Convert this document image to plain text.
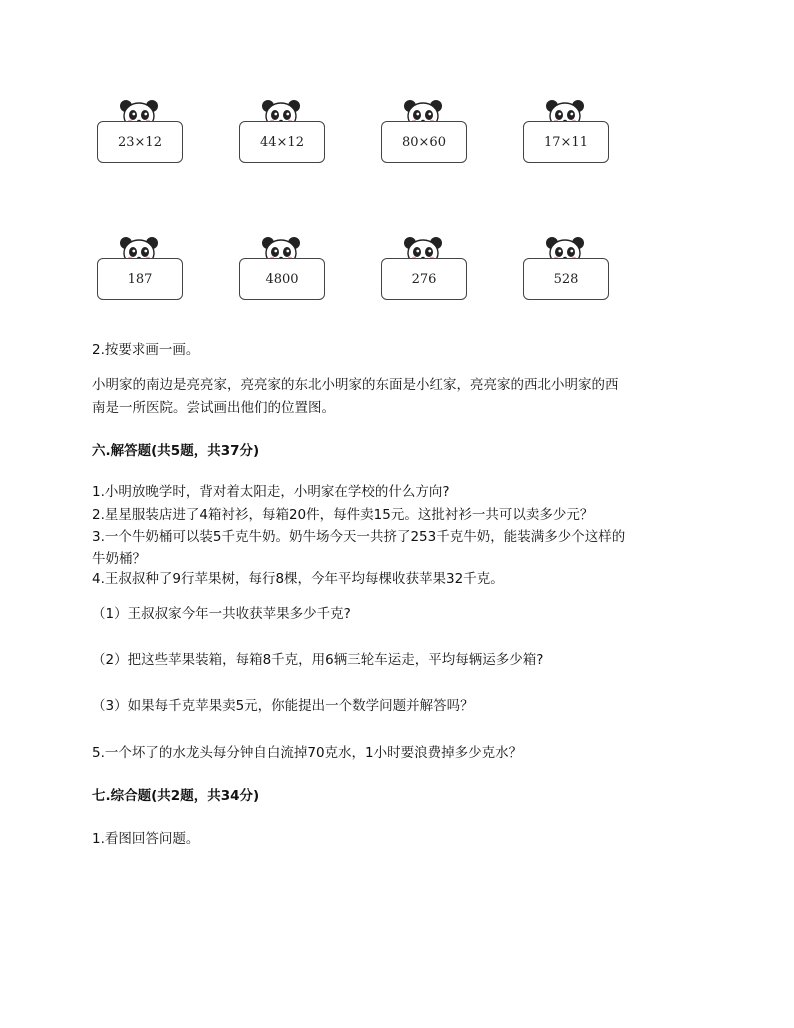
23×12	44×12	80×60	17×11
187	4800	276	528
2.按要求画一画。
小明家的南边是亮亮家，亮亮家的东北小明家的东面是小红家，亮亮家的西北小明家的西
南是一所医院。尝试画出他们的位置图。
六.解答题(共5题，共37分)
1.小明放晚学时，背对着太阳走，小明家在学校的什么方向?
2.星星服装店进了4箱衬衫，每箱20件，每件卖15元。这批衬衫一共可以卖多少元？
3.一个牛奶桶可以装5千克牛奶。奶牛场今天一共挤了253千克牛奶，能装满多少个这样的
牛奶桶？
4.王叔叔种了9行苹果树，每行8棵，今年平均每棵收获苹果32千克。
（1）王叔叔家今年一共收获苹果多少千克?
（2）把这些苹果装箱，每箱8千克，用6辆三轮车运走，平均每辆运多少箱?
（3）如果每千克苹果卖5元，你能提出一个数学问题并解答吗？
5.一个坏了的水龙头每分钟自白流掉70克水，1小时要浪费掉多少克水？
七.综合题(共2题，共34分)
1.看图回答问题。
